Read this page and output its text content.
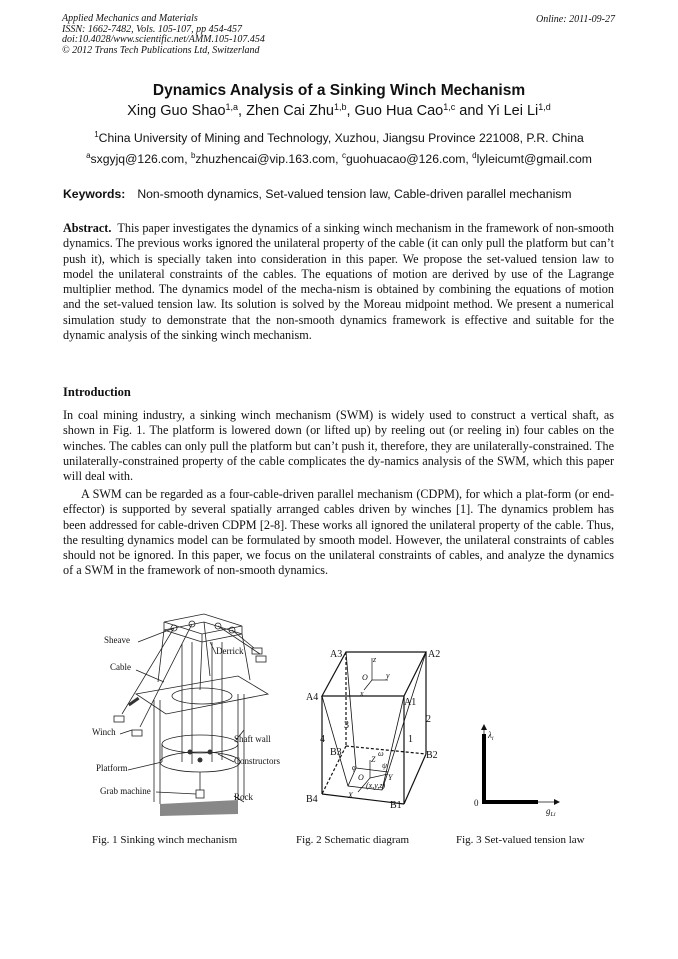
Applied Mechanics and Materials
ISSN: 1662-7482, Vols. 105-107, pp 454-457
doi:10.4028/www.scientific.net/AMM.105-107.454
© 2012 Trans Tech Publications Ltd, Switzerland
Online: 2011-09-27
Dynamics Analysis of a Sinking Winch Mechanism
Xing Guo Shao$^{1,a}$, Zhen Cai Zhu$^{1,b}$, Guo Hua Cao$^{1,c}$ and Yi Lei Li$^{1,d}$
$^1$China University of Mining and Technology, Xuzhou, Jiangsu Province 221008, P.R. China
$^a$sxgyjq@126.com, $^b$zhuzhencai@vip.163.com, $^c$guohuacao@126.com, $^d$lyleicumt@gmail.com
Keywords: Non-smooth dynamics, Set-valued tension law, Cable-driven parallel mechanism
Abstract. This paper investigates the dynamics of a sinking winch mechanism in the framework of non-smooth dynamics. The previous works ignored the unilateral property of the cable (it can only pull the platform but can’t push it), which is specially taken into consideration in this paper. We propose the set-valued tension law to model the unilateral constraints of the cables. The equations of motion are derived by use of the Lagrange multiplier method. The dynamics model of the mecha-nism is obtained by combining the equations of motion and the set-valued tension law. Its solution is solved by the Moreau midpoint method. We present a numerical simulation study to demonstrate that the non-smooth dynamics framework is effective and suitable for the dynamic analysis of the sinking winch mechanism.
Introduction
In coal mining industry, a sinking winch mechanism (SWM) is widely used to construct a vertical shaft, as shown in Fig. 1. The platform is lowered down (or lifted up) by reeling out (or reeling in) four cables on the winches. The cables can only pull the platform but can’t push it, therefore, they are unilaterally-constrained. The unilaterally-constrained property of the cable complicates the dy-namics analysis of the SWM, which this paper will deal with.
A SWM can be regarded as a four-cable-driven parallel mechanism (CDPM), for which a plat-form (or end-effector) is supported by several spatially arranged cables driven by winches [1]. The dynamics problem has been addressed for cable-driven CDPM [2-8]. These works all ignored the unilateral property of the cable. Thus, the resulting dynamics model can be formulated by smooth model. However, the unilateral constraints of cables should not be ignored. In this paper, we focus on the unilateral constraints of cables, and analyze the dynamics of a SWM in the framework of non-smooth dynamics.
Sheave
Derrick
Cable
Winch
Shaft wall
Constructors
Platform
Grab machine
Rock
A3	A2
A4	A1
B3	B2
B4
B1
1
2
3
4
z
y
x
O
Z
Y
X
O
(x,y,z)
φ	ψ
ω
$\lambda_i$
$g_{Li}$
0
Fig. 1 Sinking winch mechanism	Fig. 2 Schematic diagram	Fig. 3 Set-valued tension law
